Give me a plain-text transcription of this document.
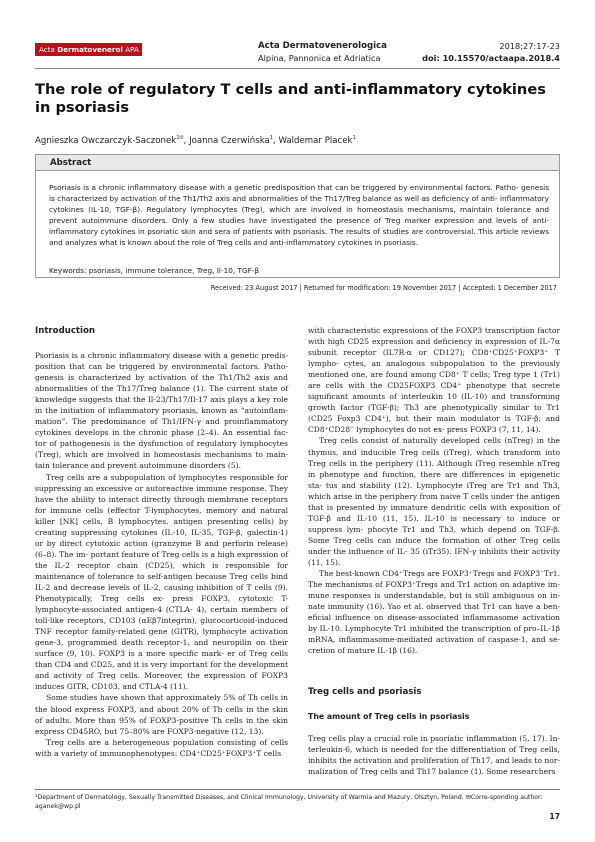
Acta Dermatovenerol APA	Acta Dermatovenerologica
Alpina, Pannonica et Adriatica
2018;27:17-23
doi: 10.15570/actaapa.2018.4
The role of regulatory T cells and anti-inflammatory cytokines in psoriasis
Agnieszka Owczarczyk-Saczonek$^{1✉}$, Joanna Czerwińska$^1$, Waldemar Placek$^1$
Abstract
Psoriasis is a chronic inflammatory disease with a genetic predisposition that can be triggered by environmental factors. Patho- genesis is characterized by activation of the Th1/Th2 axis and abnormalities of the Th17/Treg balance as well as deficiency of anti- inflammatory cytokines (IL-10, TGF-β). Regulatory lymphocytes (Treg), which are involved in homeostasis mechanisms, maintain tolerance and prevent autoimmune disorders. Only a few studies have investigated the presence of Treg marker expression and levels of anti-inflammatory cytokines in psoriatic skin and sera of patients with psoriasis. The results of studies are controversial. This article reviews and analyzes what is known about the role of Treg cells and anti-inflammatory cytokines in psoriasis.
Keywords: psoriasis, immune tolerance, Treg, Il-10, TGF-β
Received: 23 August 2017 | Returned for modification: 19 November 2017 | Accepted: 1 December 2017
Introduction

Psoriasis is a chronic inflammatory disease with a genetic predis- position that can be triggered by environmental factors. Patho- genesis is characterized by activation of the Th1/Th2 axis and abnormalities of the Th17/Treg balance (1). The current state of knowledge suggests that the Il-23/Th17/Il-17 axis plays a key role in the initiation of inflammatory psoriasis, known as “autoinflam- mation”. The predominance of Th1/IFN-γ and proinflammatory cytokines develops in the chronic phase (2–4). An essential fac- tor of pathogenesis is the dysfunction of regulatory lymphocytes (Treg), which are involved in homeostasis mechanisms to main- tain tolerance and prevent autoimmune disorders (5).

Treg cells are a subpopulation of lymphocytes responsible for suppressing an excessive or autoreactive immune response. They have the ability to interact directly through membrane receptors for immune cells (effector T-lymphocytes, memory and natural killer [NK] cells, B lymphocytes, antigen presenting cells) by creating suppressing cytokines (IL-10, IL-35, TGF-β, galectin-1) or by direct cytotoxic action (granzyme B and perforin release) (6–8). The im- portant feature of Treg cells is a high expression of the IL-2 receptor chain (CD25), which is responsible for maintenance of tolerance to self-antigen because Treg cells bind IL-2 and decrease levels of IL-2, causing inhibition of T cells (9). Phenotypically, Treg cells ex- press FOXP3, cytotoxic T-lymphocyte-associated antigen-4 (CTLA- 4), certain members of toll-like receptors, CD103 (αEβ7integrin), glucocorticoid-induced TNF receptor family-related gene (GITR), lymphocyte activation gene-3, programmed death receptor-1, and neuropilin on their surface (9, 10). FOXP3 is a more specific mark- er of Treg cells than CD4 and CD25, and it is very important for the development and activity of Treg cells. Moreover, the expression of FOXP3 induces GITR, CD103, and CTLA-4 (11).

Some studies have shown that approximately 5% of Th cells in the blood express FOXP3, and about 20% of Th cells in the skin of adults. More than 95% of FOXP3-positive Th cells in the skin express CD45RO, but 75–80% are FOXP3-negative (12, 13).

Treg cells are a heterogeneous population consisting of cells with a variety of immunophenotypes: CD4⁺CD25⁺FOXP3⁺T cells

with characteristic expressions of the FOXP3 transcription factor with high CD25 expression and deficiency in expression of IL-7α subunit receptor (IL7R-α or CD127); CD8⁺CD25⁺FOXP3⁺ T lympho- cytes, an analogous subpopulation to the previously mentioned one, are found among CD8⁺ T cells; Treg type 1 (Tr1) are cells with the CD25FOXP3 CD4⁺ phenotype that secrete significant amounts of interleukin 10 (IL-10) and transforming growth factor (TGF-β); Th3 are phenotypically similar to Tr1 (CD25 Foxp3 CD4⁺), but their main modulator is TGF-β; and CD8⁺CD28⁻ lymphocytes do not ex- press FOXP3 (7, 11, 14).

Treg cells consist of naturally developed cells (nTreg) in the thymus, and inducible Treg cells (iTreg), which transform into Treg cells in the periphery (11). Although iTreg resemble nTreg in phenotype and function, there are differences in epigenetic sta- tus and stability (12). Lymphocyte iTreg are Tr1 and Th3, which arise in the periphery from naive T cells under the antigen that is presented by immature dendritic cells with exposition of TGF-β and IL-10 (11, 15). IL-10 is necessary to induce or suppress lym- phocyte Tr1 and Th3, which depend on TGF-β. Some Treg cells can induce the formation of other Treg cells under the influence of IL- 35 (iTr35). IFN-γ inhibits their activity (11, 15).

The best-known CD4⁺Tregs are FOXP3⁺Tregs and FOXP3⁻Tr1. The mechanisms of FOXP3⁺Tregs and Tr1 action on adaptive im- mune responses is understandable, but is still ambiguous on in- nate immunity (16). Yao et al. observed that Tr1 can have a ben- eficial influence on disease-associated inflammasome activation by IL-10. Lymphocyte Tr1 inhibited the transcription of pro–IL-1β mRNA, inflammasome-mediated activation of caspase-1, and se- cretion of mature IL-1β (16).

Treg cells and psoriasis
The amount of Treg cells in psoriasis

Treg cells play a crucial role in psoriatic inflammation (5, 17). In- terleukin-6, which is needed for the differentiation of Treg cells, inhibits the activation and proliferation of Th17, and leads to nor- malization of Treg cells and Th17 balance (1). Some researchers

¹Department of Dermatology, Sexually Transmitted Diseases, and Clinical Immunology, University of Warmia and Mazury, Olsztyn, Poland. ✉Corre-sponding author: aganek@wp.pl
17
